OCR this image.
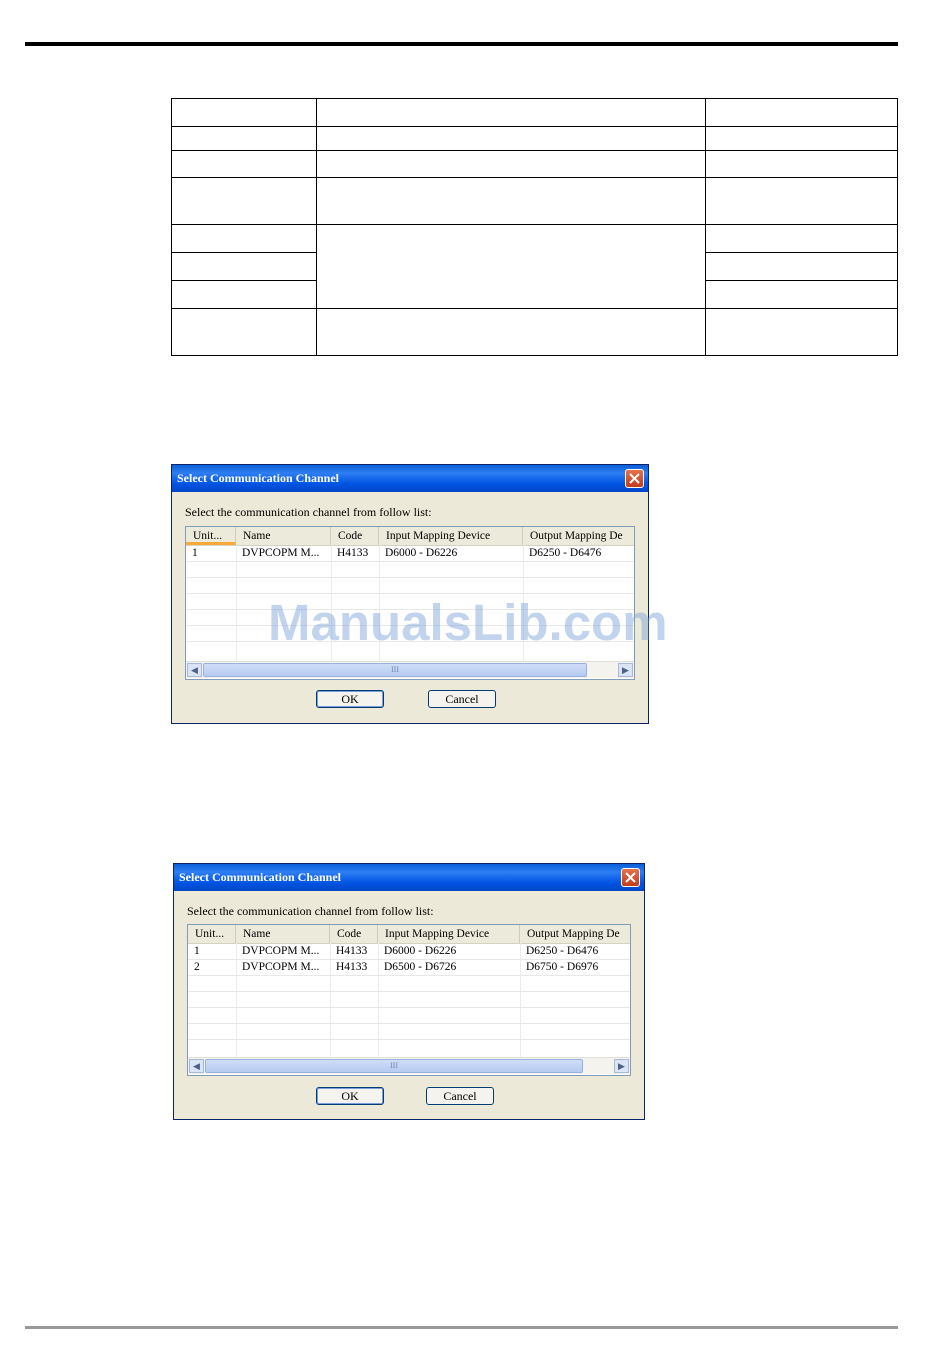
Select Communication Channel
Select the communication channel from follow list:
Unit...	Name	Code	Input Mapping Device	Output Mapping De
1	DVPCOPM M...	H4133	D6000 - D6226	D6250 - D6476
◀	III	▶
OK	Cancel
Select Communication Channel
Select the communication channel from follow list:
Unit...	Name	Code	Input Mapping Device	Output Mapping De
1	DVPCOPM M...	H4133	D6000 - D6226	D6250 - D6476
2	DVPCOPM M...	H4133	D6500 - D6726	D6750 - D6976
◀	III	▶
OK	Cancel
ManualsLib.com
